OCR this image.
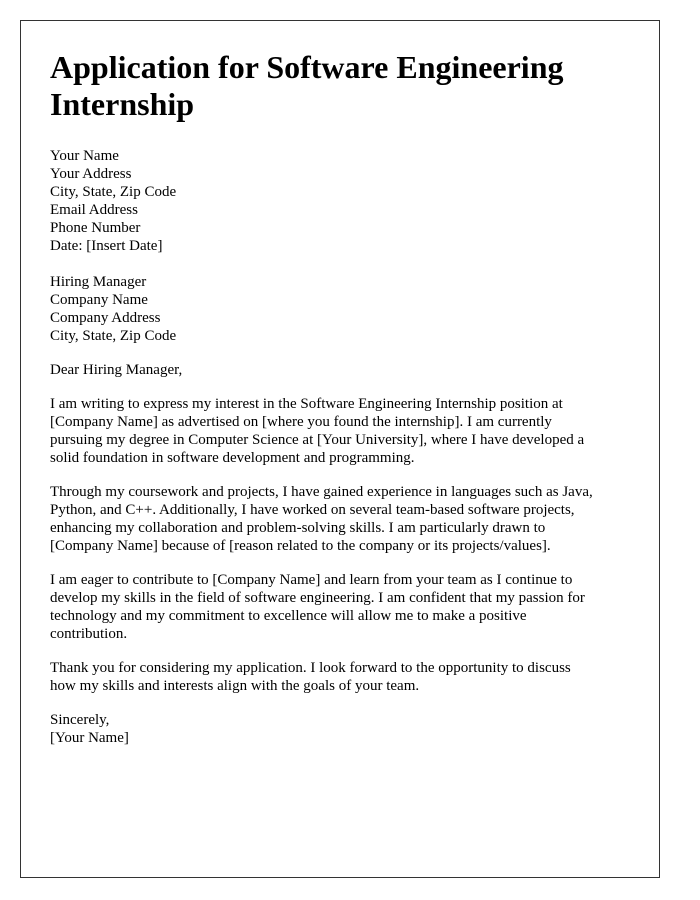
Application for Software Engineering Internship
Your Name
Your Address
City, State, Zip Code
Email Address
Phone Number
Date: [Insert Date]
Hiring Manager
Company Name
Company Address
City, State, Zip Code
Dear Hiring Manager,
I am writing to express my interest in the Software Engineering Internship position at
[Company Name] as advertised on [where you found the internship]. I am currently
pursuing my degree in Computer Science at [Your University], where I have developed a
solid foundation in software development and programming.
Through my coursework and projects, I have gained experience in languages such as Java,
Python, and C++. Additionally, I have worked on several team-based software projects,
enhancing my collaboration and problem-solving skills. I am particularly drawn to
[Company Name] because of [reason related to the company or its projects/values].
I am eager to contribute to [Company Name] and learn from your team as I continue to
develop my skills in the field of software engineering. I am confident that my passion for
technology and my commitment to excellence will allow me to make a positive
contribution.
Thank you for considering my application. I look forward to the opportunity to discuss
how my skills and interests align with the goals of your team.
Sincerely,
[Your Name]
